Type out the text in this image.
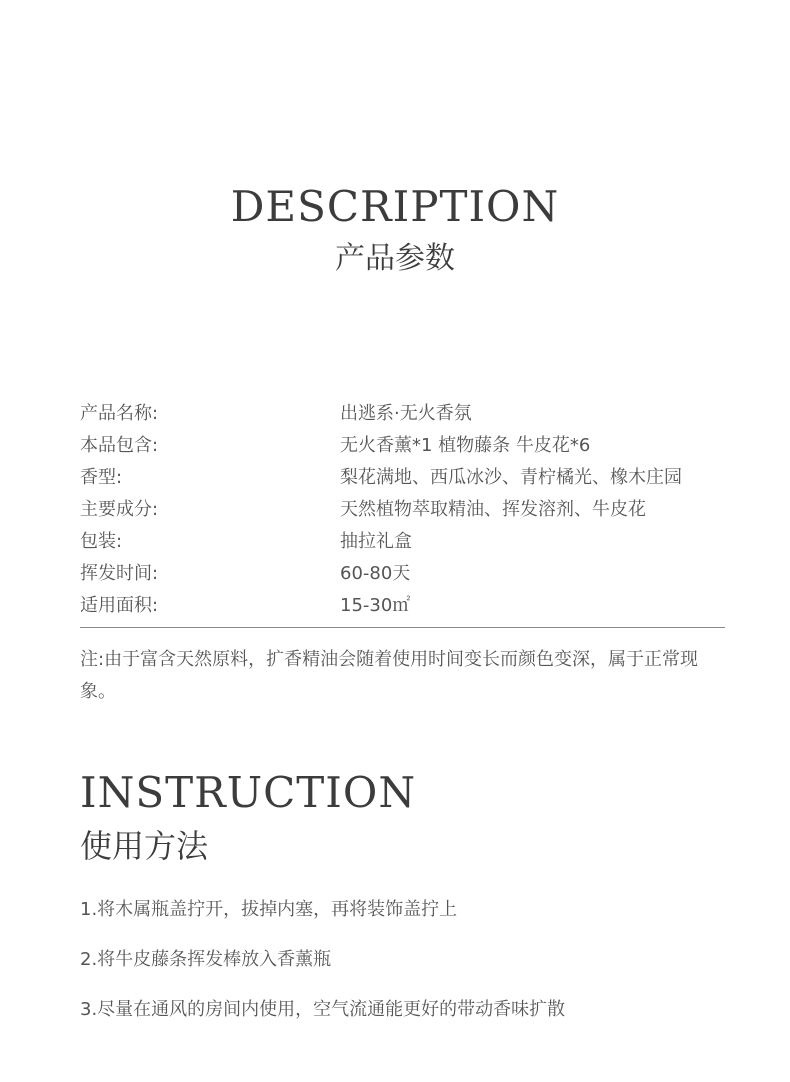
DESCRIPTION
产品参数
产品名称:	出逃系·无火香氛
本品包含:	无火香薰*1 植物藤条 牛皮花*6
香型:	梨花满地、西瓜冰沙、青柠橘光、橡木庄园
主要成分:	天然植物萃取精油、挥发溶剂、牛皮花
包装:	抽拉礼盒
挥发时间:	60-80天
适用面积:	15-30㎡
注:由于富含天然原料，扩香精油会随着使用时间变长而颜色变深，属于正常现象。
INSTRUCTION
使用方法
1.将木属瓶盖拧开，拔掉内塞，再将装饰盖拧上
2.将牛皮藤条挥发棒放入香薰瓶
3.尽量在通风的房间内使用，空气流通能更好的带动香味扩散
